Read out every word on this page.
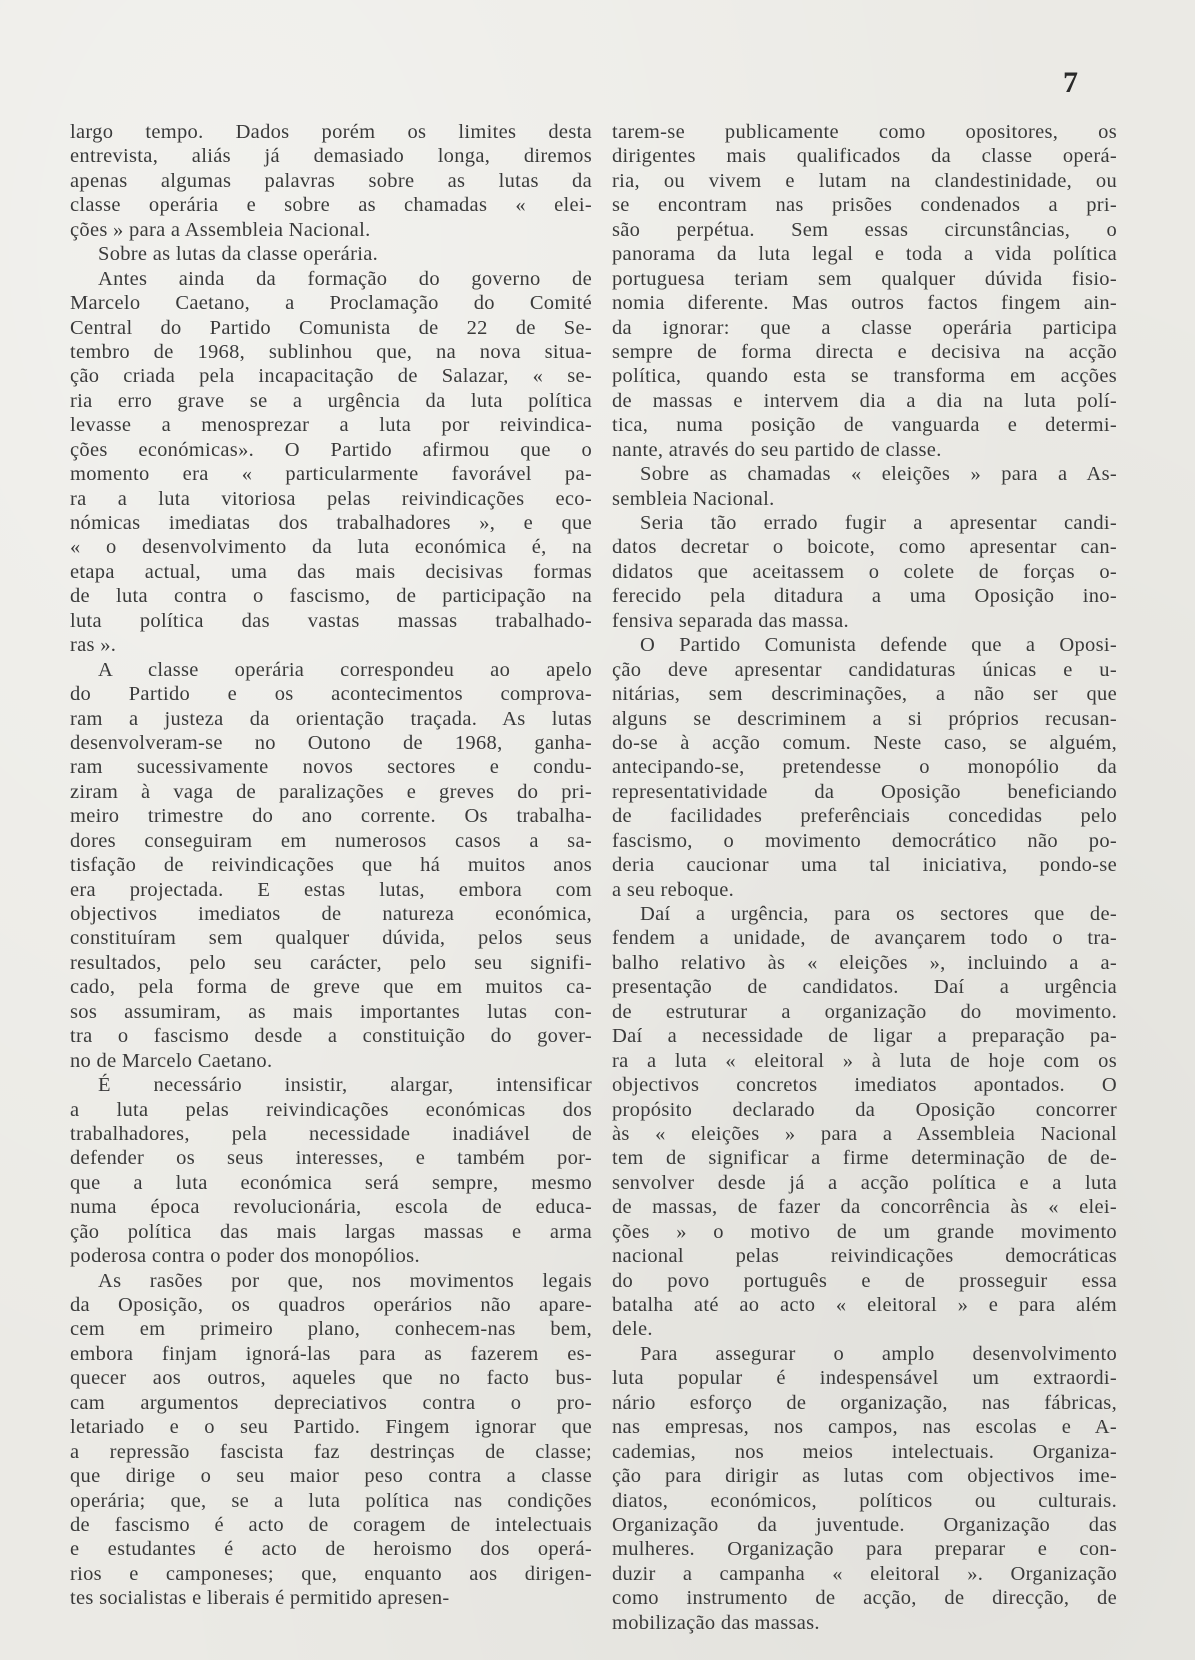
7

largo tempo. Dados porém os limites desta
entrevista, aliás já demasiado longa, diremos
apenas algumas palavras sobre as lutas da
classe operária e sobre as chamadas « elei-
ções » para a Assembleia Nacional.
Sobre as lutas da classe operária.
Antes ainda da formação do governo de
Marcelo Caetano, a Proclamação do Comité
Central do Partido Comunista de 22 de Se-
tembro de 1968, sublinhou que, na nova situa-
ção criada pela incapacitação de Salazar, « se-
ria erro grave se a urgência da luta política
levasse a menosprezar a luta por reivindica-
ções económicas». O Partido afirmou que o
momento era « particularmente favorável pa-
ra a luta vitoriosa pelas reivindicações eco-
nómicas imediatas dos trabalhadores », e que
« o desenvolvimento da luta económica é, na
etapa actual, uma das mais decisivas formas
de luta contra o fascismo, de participação na
luta política das vastas massas trabalhado-
ras ».
A classe operária correspondeu ao apelo
do Partido e os acontecimentos comprova-
ram a justeza da orientação traçada. As lutas
desenvolveram-se no Outono de 1968, ganha-
ram sucessivamente novos sectores e condu-
ziram à vaga de paralizações e greves do pri-
meiro trimestre do ano corrente. Os trabalha-
dores conseguiram em numerosos casos a sa-
tisfação de reivindicações que há muitos anos
era projectada. E estas lutas, embora com
objectivos imediatos de natureza económica,
constituíram sem qualquer dúvida, pelos seus
resultados, pelo seu carácter, pelo seu signifi-
cado, pela forma de greve que em muitos ca-
sos assumiram, as mais importantes lutas con-
tra o fascismo desde a constituição do gover-
no de Marcelo Caetano.
É necessário insistir, alargar, intensificar
a luta pelas reivindicações económicas dos
trabalhadores, pela necessidade inadiável de
defender os seus interesses, e também por-
que a luta económica será sempre, mesmo
numa época revolucionária, escola de educa-
ção política das mais largas massas e arma
poderosa contra o poder dos monopólios.
As rasões por que, nos movimentos legais
da Oposição, os quadros operários não apare-
cem em primeiro plano, conhecem-nas bem,
embora finjam ignorá-las para as fazerem es-
quecer aos outros, aqueles que no facto bus-
cam argumentos depreciativos contra o pro-
letariado e o seu Partido. Fingem ignorar que
a repressão fascista faz destrinças de classe;
que dirige o seu maior peso contra a classe
operária; que, se a luta política nas condições
de fascismo é acto de coragem de intelectuais
e estudantes é acto de heroismo dos operá-
rios e camponeses; que, enquanto aos dirigen-
tes socialistas e liberais é permitido apresen-
tarem-se publicamente como opositores, os
dirigentes mais qualificados da classe operá-
ria, ou vivem e lutam na clandestinidade, ou
se encontram nas prisões condenados a pri-
são perpétua. Sem essas circunstâncias, o
panorama da luta legal e toda a vida política
portuguesa teriam sem qualquer dúvida fisio-
nomia diferente. Mas outros factos fingem ain-
da ignorar: que a classe operária participa
sempre de forma directa e decisiva na acção
política, quando esta se transforma em acções
de massas e intervem dia a dia na luta polí-
tica, numa posição de vanguarda e determi-
nante, através do seu partido de classe.
Sobre as chamadas « eleições » para a As-
sembleia Nacional.
Seria tão errado fugir a apresentar candi-
datos decretar o boicote, como apresentar can-
didatos que aceitassem o colete de forças o-
ferecido pela ditadura a uma Oposição ino-
fensiva separada das massa.
O Partido Comunista defende que a Oposi-
ção deve apresentar candidaturas únicas e u-
nitárias, sem descriminações, a não ser que
alguns se descriminem a si próprios recusan-
do-se à acção comum. Neste caso, se alguém,
antecipando-se, pretendesse o monopólio da
representatividade da Oposição beneficiando
de facilidades preferênciais concedidas pelo
fascismo, o movimento democrático não po-
deria caucionar uma tal iniciativa, pondo-se
a seu reboque.
Daí a urgência, para os sectores que de-
fendem a unidade, de avançarem todo o tra-
balho relativo às « eleições », incluindo a a-
presentação de candidatos. Daí a urgência
de estruturar a organização do movimento.
Daí a necessidade de ligar a preparação pa-
ra a luta « eleitoral » à luta de hoje com os
objectivos concretos imediatos apontados. O
propósito declarado da Oposição concorrer
às « eleições » para a Assembleia Nacional
tem de significar a firme determinação de de-
senvolver desde já a acção política e a luta
de massas, de fazer da concorrência às « elei-
ções » o motivo de um grande movimento
nacional pelas reivindicações democráticas
do povo português e de prosseguir essa
batalha até ao acto « eleitoral » e para além
dele.
Para assegurar o amplo desenvolvimento
luta popular é indespensável um extraordi-
nário esforço de organização, nas fábricas,
nas empresas, nos campos, nas escolas e A-
cademias, nos meios intelectuais. Organiza-
ção para dirigir as lutas com objectivos ime-
diatos, económicos, políticos ou culturais.
Organização da juventude. Organização das
mulheres. Organização para preparar e con-
duzir a campanha « eleitoral ». Organização
como instrumento de acção, de direcção, de
mobilização das massas.
